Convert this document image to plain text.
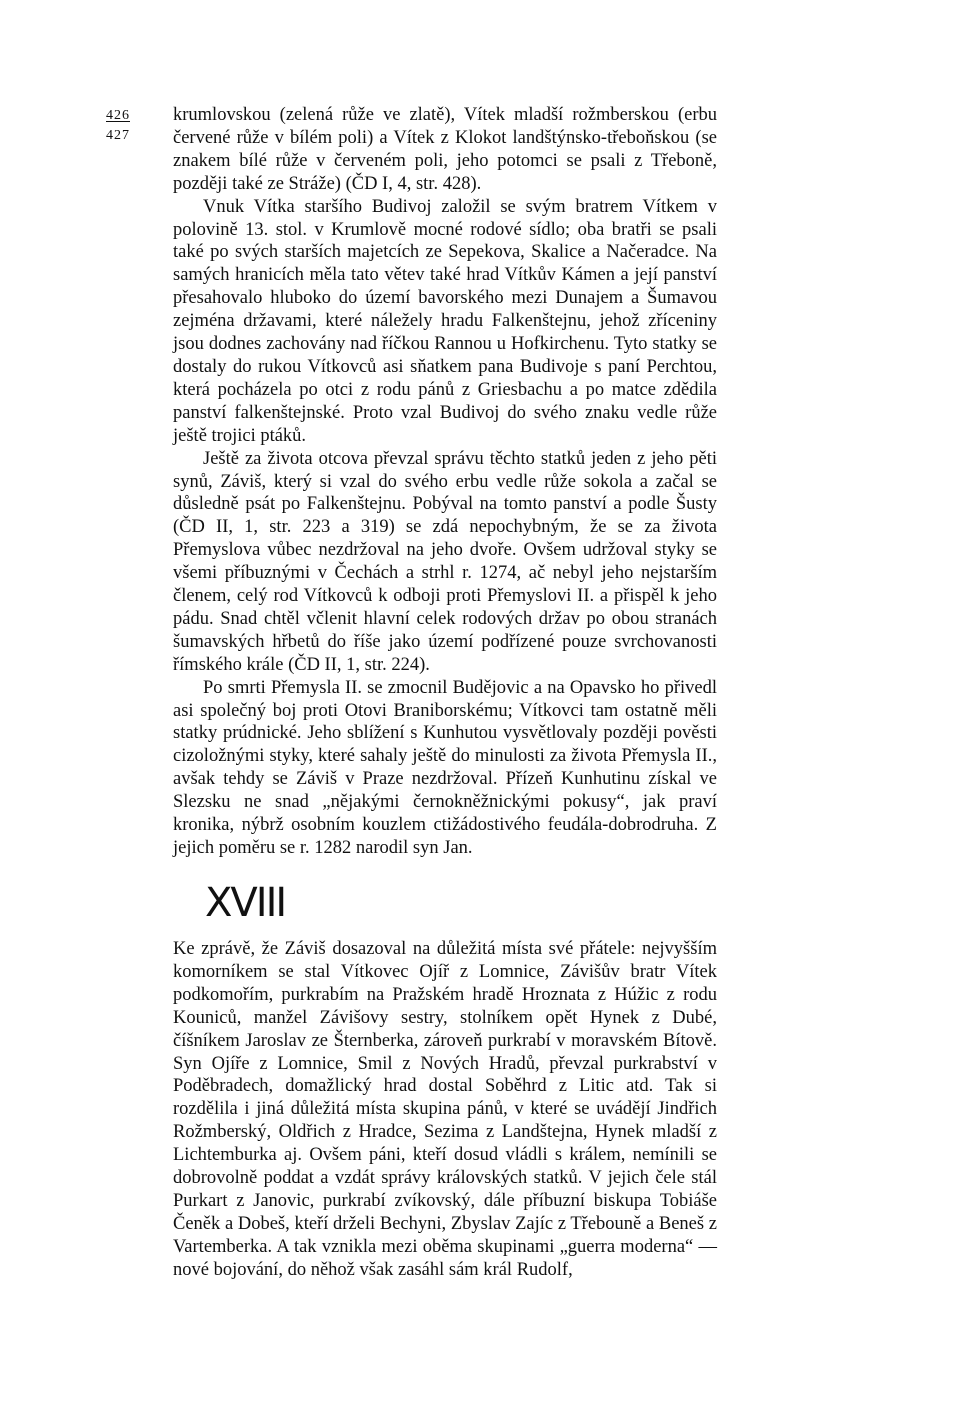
426
427

krumlovskou (zelená růže ve zlatě), Vítek mladší rožmberskou (erbu červené růže v bílém poli) a Vítek z Klokot landštýnsko-třeboňskou (se znakem bílé růže v červeném poli, jeho potomci se psali z Třeboně, později také ze Stráže) (ČD I, 4, str. 428).

Vnuk Vítka staršího Budivoj založil se svým bratrem Vítkem v polovině 13. stol. v Krumlově mocné rodové sídlo; oba bratři se psali také po svých starších majetcích ze Sepekova, Skalice a Načeradce. Na samých hranicích měla tato větev také hrad Vítkův Kámen a její panství přesahovalo hluboko do území bavorského mezi Dunajem a Šumavou zejména državami, které náležely hradu Falkenštejnu, jehož zříceniny jsou dodnes zachovány nad říčkou Rannou u Hofkirchenu. Tyto statky se dostaly do rukou Vítkovců asi sňatkem pana Budivoje s paní Perchtou, která pocházela po otci z rodu pánů z Griesbachu a po matce zdědila panství falkenštejnské. Proto vzal Budivoj do svého znaku vedle růže ještě trojici ptáků.

Ještě za života otcova převzal správu těchto statků jeden z jeho pěti synů, Záviš, který si vzal do svého erbu vedle růže sokola a začal se důsledně psát po Falkenštejnu. Pobýval na tomto panství a podle Šusty (ČD II, 1, str. 223 a 319) se zdá nepochybným, že se za života Přemyslova vůbec nezdržoval na jeho dvoře. Ovšem udržoval styky se všemi příbuznými v Čechách a strhl r. 1274, ač nebyl jeho nejstarším členem, celý rod Vítkovců k odboji proti Přemyslovi II. a přispěl k jeho pádu. Snad chtěl včlenit hlavní celek rodových držav po obou stranách šumavských hřbetů do říše jako území podřízené pouze svrchovanosti římského krále (ČD II, 1, str. 224).

Po smrti Přemysla II. se zmocnil Budějovic a na Opavsko ho přivedl asi společný boj proti Otovi Braniborskému; Vítkovci tam ostatně měli statky prúdnické. Jeho sblížení s Kunhutou vysvětlovaly později pověsti cizoložnými styky, které sahaly ještě do minulosti za života Přemysla II., avšak tehdy se Záviš v Praze nezdržoval. Přízeň Kunhutinu získal ve Slezsku ne snad „nějakými černokněžnickými pokusy“, jak praví kronika, nýbrž osobním kouzlem ctižádostivého feudála-dobrodruha. Z jejich poměru se r. 1282 narodil syn Jan.

XVIII

Ke zprávě, že Záviš dosazoval na důležitá místa své přátele: nejvyšším komorníkem se stal Vítkovec Ojíř z Lomnice, Závišův bratr Vítek podkomořím, purkrabím na Pražském hradě Hroznata z Húžic z rodu Kouniců, manžel Závišovy sestry, stolníkem opět Hynek z Dubé, číšníkem Jaroslav ze Šternberka, zároveň purkrabí v moravském Bítově. Syn Ojířе z Lomnice, Smil z Nových Hradů, převzal purkrabství v Poděbradech, domažlický hrad dostal Soběhrd z Litic atd. Tak si rozdělila i jiná důležitá místa skupina pánů, v které se uvádějí Jindřich Rožmberský, Oldřich z Hradce, Sezima z Landštejna, Hynek mladší z Lichtemburka aj. Ovšem páni, kteří dosud vládli s králem, nemínili se dobrovolně poddat a vzdát správy královských statků. V jejich čele stál Purkart z Janovic, purkrabí zvíkovský, dále příbuzní biskupa Tobiáše Čeněk a Dobeš, kteří drželi Bechyni, Zbyslav Zajíc z Třebouně a Beneš z Vartemberka. A tak vznikla mezi oběma skupinami „guerra moderna“ — nové bojování, do něhož však zasáhl sám král Rudolf,
